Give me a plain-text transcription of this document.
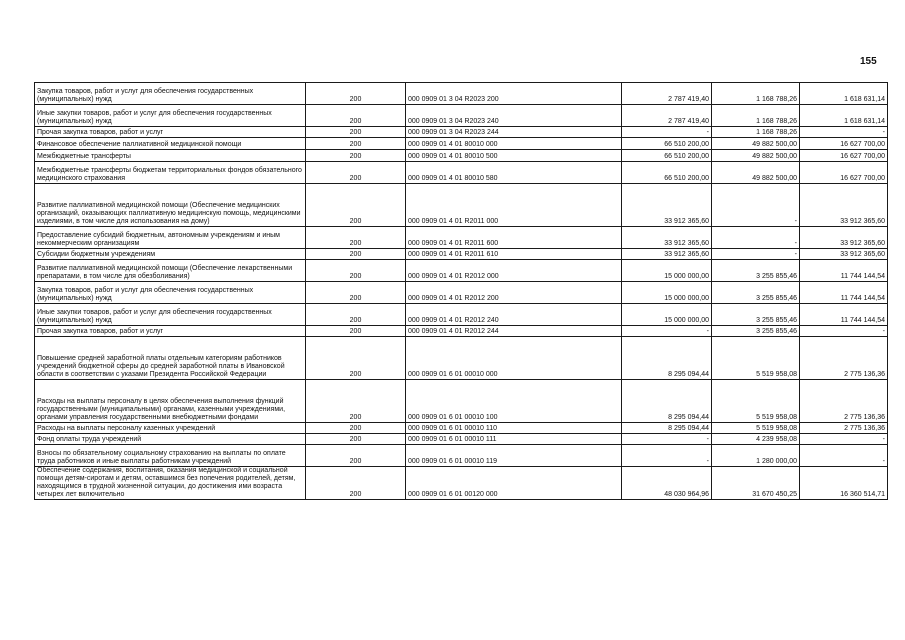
155
Закупка товаров, работ и услуг для обеспечения государственных (муниципальных) нужд	200	000 0909 01 3 04 R2023 200	2 787 419,40	1 168 788,26	1 618 631,14
Иные закупки товаров, работ и услуг для обеспечения государственных (муниципальных) нужд	200	000 0909 01 3 04 R2023 240	2 787 419,40	1 168 788,26	1 618 631,14
Прочая закупка товаров, работ и услуг	200	000 0909 01 3 04 R2023 244	-	1 168 788,26	-
Финансовое обеспечение паллиативной медицинской помощи	200	000 0909 01 4 01 80010 000	66 510 200,00	49 882 500,00	16 627 700,00
Межбюджетные трансферты	200	000 0909 01 4 01 80010 500	66 510 200,00	49 882 500,00	16 627 700,00
Межбюджетные трансферты бюджетам территориальных фондов обязательного медицинского страхования	200	000 0909 01 4 01 80010 580	66 510 200,00	49 882 500,00	16 627 700,00
Развитие паллиативной медицинской помощи (Обеспечение медицинских организаций, оказывающих паллиативную медицинскую помощь, медицинскими изделиями, в том числе для использования на дому)	200	000 0909 01 4 01 R2011 000	33 912 365,60	-	33 912 365,60
Предоставление субсидий бюджетным, автономным учреждениям и иным некоммерческим организациям	200	000 0909 01 4 01 R2011 600	33 912 365,60	-	33 912 365,60
Субсидии бюджетным учреждениям	200	000 0909 01 4 01 R2011 610	33 912 365,60	-	33 912 365,60
Развитие паллиативной медицинской помощи (Обеспечение лекарственными препаратами, в том числе для обезболивания)	200	000 0909 01 4 01 R2012 000	15 000 000,00	3 255 855,46	11 744 144,54
Закупка товаров, работ и услуг для обеспечения государственных (муниципальных) нужд	200	000 0909 01 4 01 R2012 200	15 000 000,00	3 255 855,46	11 744 144,54
Иные закупки товаров, работ и услуг для обеспечения государственных (муниципальных) нужд	200	000 0909 01 4 01 R2012 240	15 000 000,00	3 255 855,46	11 744 144,54
Прочая закупка товаров, работ и услуг	200	000 0909 01 4 01 R2012 244	-	3 255 855,46	-
Повышение средней заработной платы отдельным категориям работников учреждений бюджетной сферы до средней заработной платы в Ивановской области в соответствии с указами Президента Российской Федерации	200	000 0909 01 6 01 00010 000	8 295 094,44	5 519 958,08	2 775 136,36
Расходы на выплаты персоналу в целях обеспечения выполнения функций государственными (муниципальными) органами, казенными учреждениями, органами управления государственными внебюджетными фондами	200	000 0909 01 6 01 00010 100	8 295 094,44	5 519 958,08	2 775 136,36
Расходы на выплаты персоналу казенных учреждений	200	000 0909 01 6 01 00010 110	8 295 094,44	5 519 958,08	2 775 136,36
Фонд оплаты труда учреждений	200	000 0909 01 6 01 00010 111	-	4 239 958,08	-
Взносы по обязательному социальному страхованию на выплаты по оплате труда работников и иные выплаты работникам учреждений	200	000 0909 01 6 01 00010 119	-	1 280 000,00	-
Обеспечение содержания, воспитания, оказания медицинской и социальной помощи детям-сиротам и детям, оставшимся без попечения родителей, детям, находящимся в трудной жизненной ситуации, до достижения ими возраста четырех лет включительно	200	000 0909 01 6 01 00120 000	48 030 964,96	31 670 450,25	16 360 514,71
